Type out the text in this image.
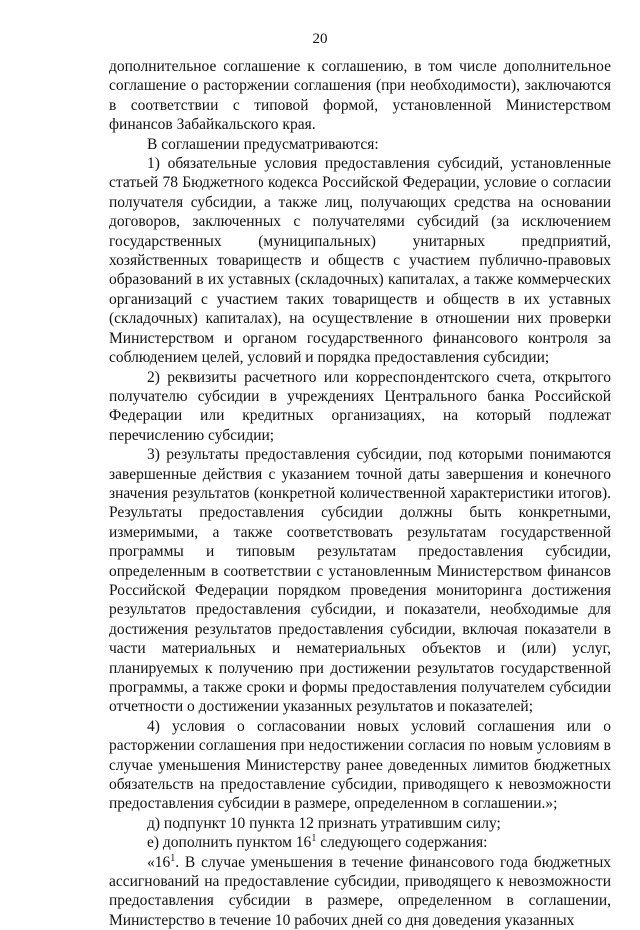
20

дополнительное соглашение к соглашению, в том числе дополнительное соглашение о расторжении соглашения (при необходимости), заключаются в соответствии с типовой формой, установленной Министерством финансов Забайкальского края.

В соглашении предусматриваются:

1) обязательные условия предоставления субсидий, установленные статьей 78 Бюджетного кодекса Российской Федерации, условие о согласии получателя субсидии, а также лиц, получающих средства на основании договоров, заключенных с получателями субсидий (за исключением государственных (муниципальных) унитарных предприятий, хозяйственных товариществ и обществ с участием публично-правовых образований в их уставных (складочных) капиталах, а также коммерческих организаций с участием таких товариществ и обществ в их уставных (складочных) капиталах), на осуществление в отношении них проверки Министерством и органом государственного финансового контроля за соблюдением целей, условий и порядка предоставления субсидии;

2) реквизиты расчетного или корреспондентского счета, открытого получателю субсидии в учреждениях Центрального банка Российской Федерации или кредитных организациях, на который подлежат перечислению субсидии;

3) результаты предоставления субсидии, под которыми понимаются завершенные действия с указанием точной даты завершения и конечного значения результатов (конкретной количественной характеристики итогов). Результаты предоставления субсидии должны быть конкретными, измеримыми, а также соответствовать результатам государственной программы и типовым результатам предоставления субсидии, определенным в соответствии с установленным Министерством финансов Российской Федерации порядком проведения мониторинга достижения результатов предоставления субсидии, и показатели, необходимые для достижения результатов предоставления субсидии, включая показатели в части материальных и нематериальных объектов и (или) услуг, планируемых к получению при достижении результатов государственной программы, а также сроки и формы предоставления получателем субсидии отчетности о достижении указанных результатов и показателей;

4) условия о согласовании новых условий соглашения или о расторжении соглашения при недостижении согласия по новым условиям в случае уменьшения Министерству ранее доведенных лимитов бюджетных обязательств на предоставление субсидии, приводящего к невозможности предоставления субсидии в размере, определенном в соглашении.»;

д) подпункт 10 пункта 12 признать утратившим силу;

е) дополнить пунктом $16^1$ следующего содержания:

«$16^1$. В случае уменьшения в течение финансового года бюджетных ассигнований на предоставление субсидии, приводящего к невозможности предоставления субсидии в размере, определенном в соглашении, Министерство в течение 10 рабочих дней со дня доведения указанных
